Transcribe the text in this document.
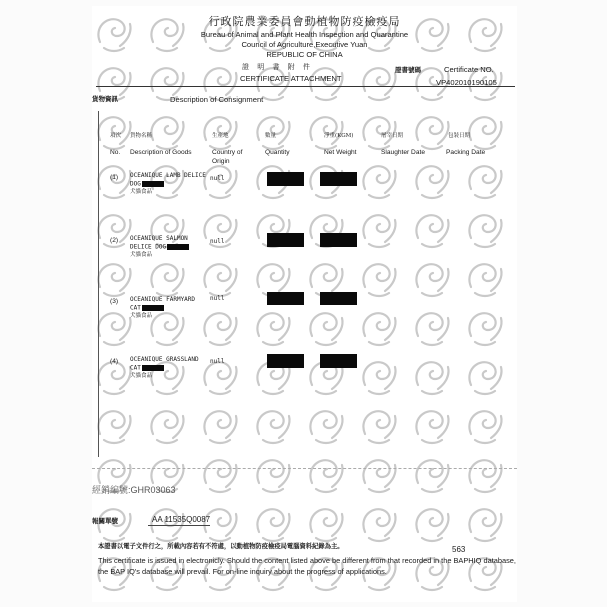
行政院農業委員會動植物防疫檢疫局
Bureau of Animal and Plant Health Inspection and Quarantine
Council of Agriculture,Executive Yuan
REPUBLIC OF CHINA
證 明 書 附 件
CERTIFICATE ATTACHMENT
證書號碼	Certificate NO.
VP402010190105
貨物資訊	Description of Consignment
項次 貨物名稱	生產地	數量	淨重(KGM)	屠宰日期	包裝日期
No. Description of Goods	Country of
Origin
Quantity	Net Weight	Slaughter Date	Packing Date
(1) OCEANIQUE LAMB DELICE
DOG
犬貓食品
null
(2) OCEANIQUE SALMON
DELICE DOG
犬貓食品
null
(3) OCEANIQUE FARMYARD
CAT
犬貓食品
null
(4) OCEANIQUE GRASSLAND
CAT
犬貓食品
null
經銷編號:GHR03063
報關單號	AA 11535Q0087
本證書以電子文件行之，所載內容若有不符處，以動植物防疫檢疫局電腦資料紀錄為主。	563
This certificate is issued in electronicly. Should the content listed above be different from that recorded in the BAPHIQ database, the BAP IQ's database will prevail. For on-line inquiry about the progress of applications.
